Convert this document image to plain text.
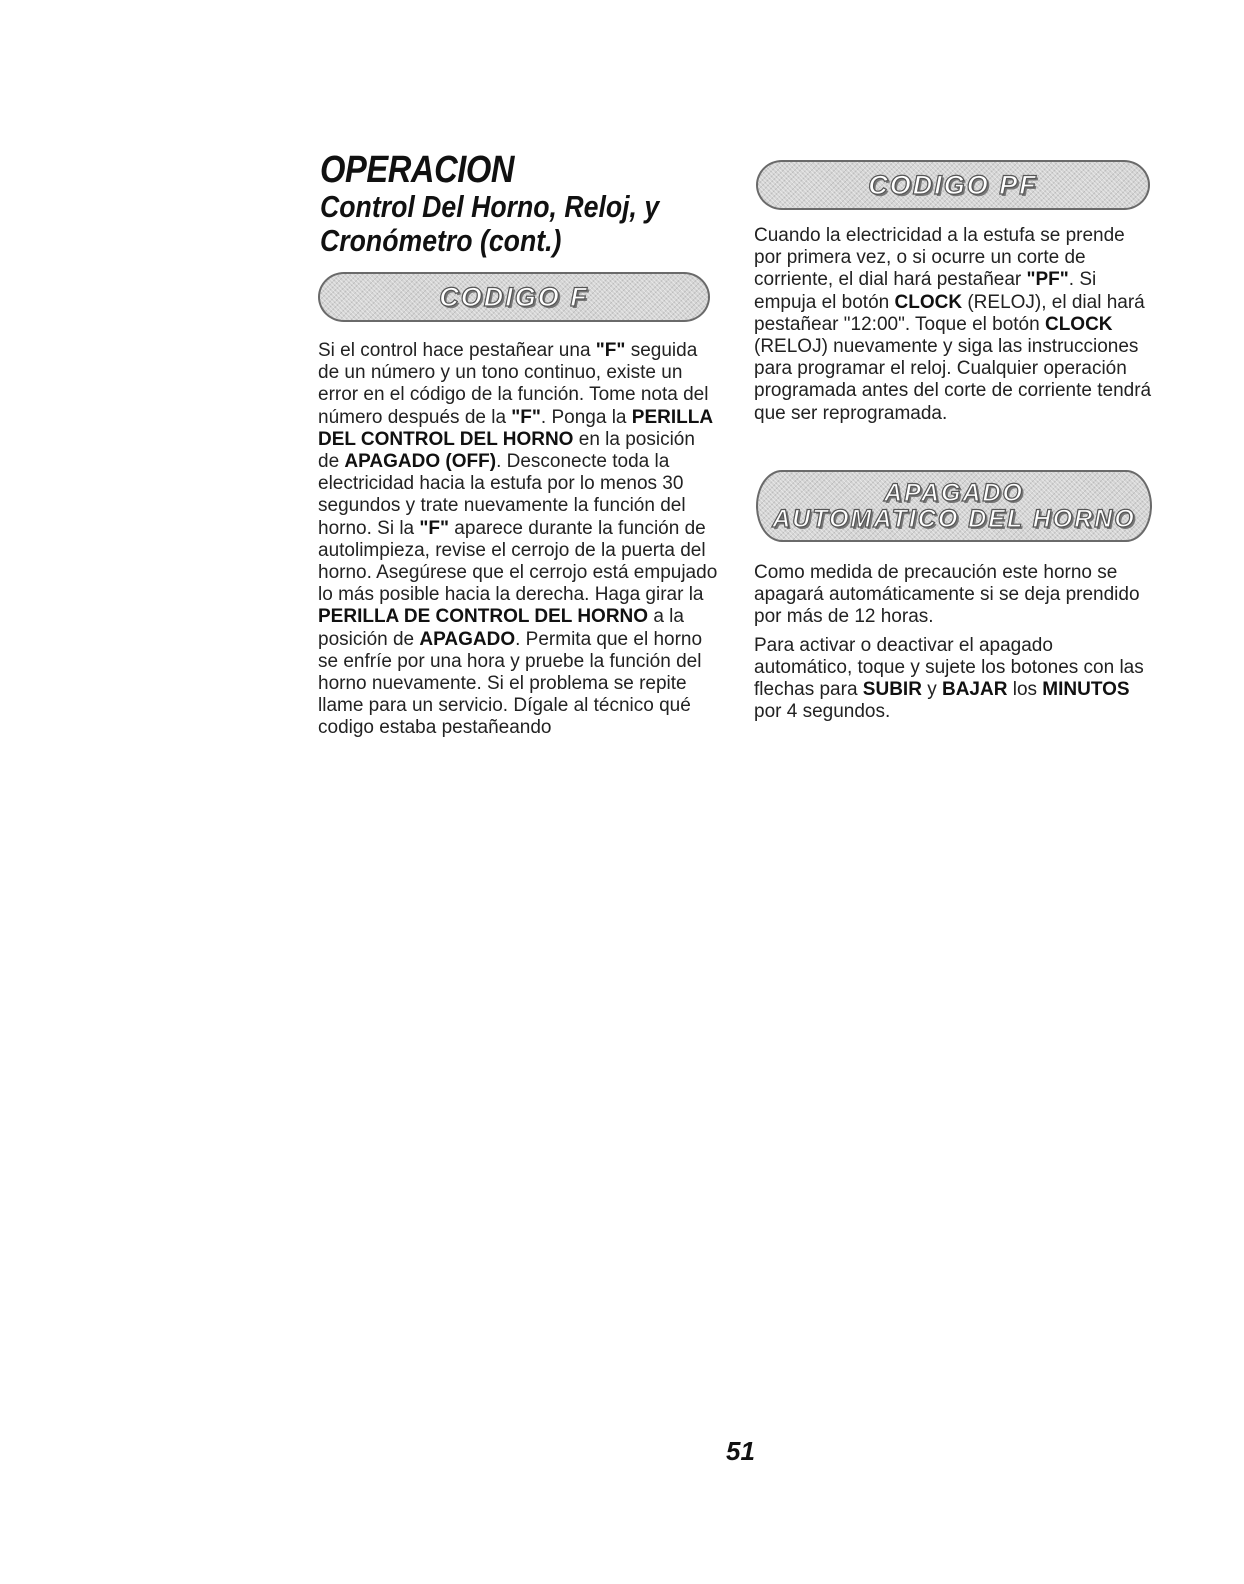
OPERACION
Control Del Horno, Reloj, y
Cronómetro (cont.)
CODIGO F

Si el control hace pestañear una "F" seguida de un número y un tono continuo, existe un error en el código de la función. Tome nota del número después de la "F". Ponga la PERILLA DEL CONTROL DEL HORNO en la posición de APAGADO (OFF). Desconecte toda la electricidad hacia la estufa por lo menos 30 segundos y trate nuevamente la función del horno. Si la "F" aparece durante la función de autolimpieza, revise el cerrojo de la puerta del horno. Asegúrese que el cerrojo está empujado lo más posible hacia la derecha. Haga girar la PERILLA DE CONTROL DEL HORNO a la posición de APAGADO. Permita que el horno se enfríe por una hora y pruebe la función del horno nuevamente. Si el problema se repite llame para un servicio. Dígale al técnico qué codigo estaba pestañeando

CODIGO PF

Cuando la electricidad a la estufa se prende por primera vez, o si ocurre un corte de corriente, el dial hará pestañear "PF". Si empuja el botón CLOCK (RELOJ), el dial hará pestañear "12:00". Toque el botón CLOCK (RELOJ) nuevamente y siga las instrucciones para programar el reloj. Cualquier operación programada antes del corte de corriente tendrá que ser reprogramada.

APAGADO
AUTOMATICO DEL HORNO

Como medida de precaución este horno se apagará automáticamente si se deja prendido por más de 12 horas.

Para activar o deactivar el apagado automático, toque y sujete los botones con las flechas para SUBIR y BAJAR los MINUTOS por 4 segundos.

51
